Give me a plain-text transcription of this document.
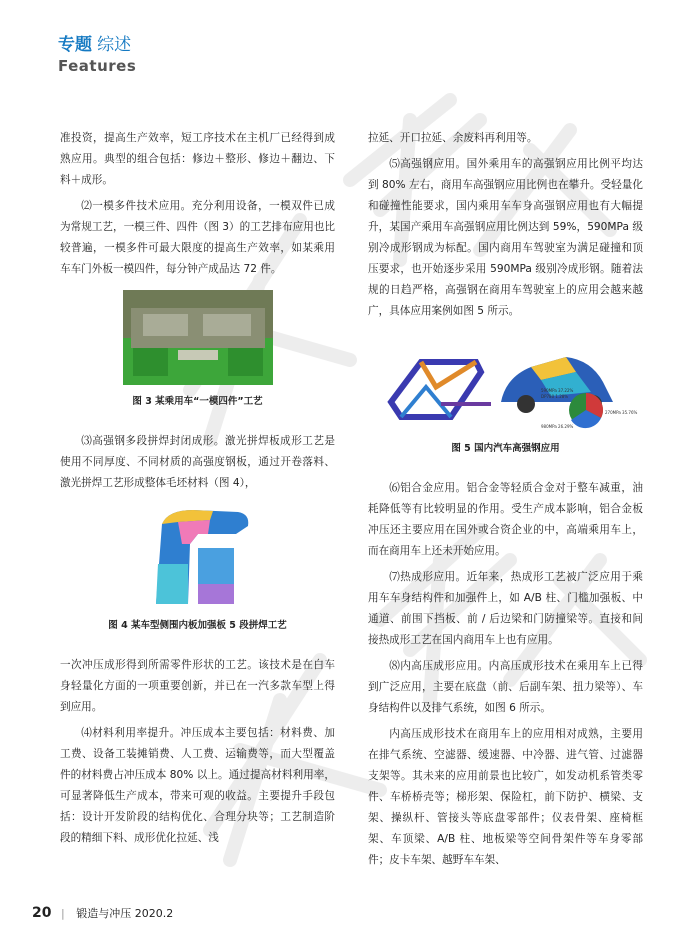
专题 综述
Features

准投资，提高生产效率，短工序技术在主机厂已经得到成熟应用。典型的组合包括：修边＋整形、修边＋翻边、下料＋成形。

⑵一模多件技术应用。充分利用设备，一模双件已成为常规工艺，一模三件、四件（图 3）的工艺排布应用也比较普遍，一模多件可最大限度的提高生产效率，如某乘用车车门外板一模四件，每分钟产成品达 72 件。

图 3 某乘用车“一模四件”工艺

⑶高强钢多段拼焊封闭成形。激光拼焊板成形工艺是使用不同厚度、不同材质的高强度钢板，通过开卷落料、激光拼焊工艺形成整体毛坯材料（图 4），

图 4 某车型侧围内板加强板 5 段拼焊工艺

一次冲压成形得到所需零件形状的工艺。该技术是在白车身轻量化方面的一项重要创新，并已在一汽多款车型上得到应用。

⑷材料利用率提升。冲压成本主要包括：材料费、加工费、设备工装摊销费、人工费、运输费等，而大型覆盖件的材料费占冲压成本 80% 以上。通过提高材料利用率，可显著降低生产成本，带来可观的收益。主要提升手段包括：设计开发阶段的结构优化、合理分块等；工艺制造阶段的精细下料、成形优化拉延、浅

拉延、开口拉延、余废料再利用等。

⑸高强钢应用。国外乘用车的高强钢应用比例平均达到 80% 左右，商用车高强钢应用比例也在攀升。受轻量化和碰撞性能要求，国内乘用车车身高强钢应用也有大幅提升，某国产乘用车高强钢应用比例达到 59%，590MPa 级别冷成形钢成为标配。国内商用车驾驶室为满足碰撞和顶压要求，也开始逐步采用 590MPa 级别冷成形钢。随着法规的日趋严格，高强钢在商用车驾驶室上的应用会越来越广，具体应用案例如图 5 所示。

590MPa 37.22%
DP780 1.28%
270MPa 35.76%
980MPa 26.29%
图 5 国内汽车高强钢应用

⑹铝合金应用。铝合金等轻质合金对于整车减重，油耗降低等有比较明显的作用。受生产成本影响，铝合金板冲压还主要应用在国外或合资企业的中，高端乘用车上，而在商用车上还未开始应用。

⑺热成形应用。近年来，热成形工艺被广泛应用于乘用车车身结构件和加强件上，如 A/B 柱、门槛加强板、中通道、前围下挡板、前 / 后边梁和门防撞梁等。直接和间接热成形工艺在国内商用车上也有应用。

⑻内高压成形应用。内高压成形技术在乘用车上已得到广泛应用，主要在底盘（前、后副车架、扭力梁等）、车身结构件以及排气系统，如图 6 所示。

内高压成形技术在商用车上的应用相对成熟，主要用在排气系统、空滤器、缓速器、中冷器、进气管、过滤器支架等。其未来的应用前景也比较广，如发动机系管类零件、车桥桥壳等；梯形架、保险杠，前下防护、横梁、支架、操纵杆、管接头等底盘零部件；仪表骨架、座椅框架、车顶梁、A/B 柱、地板梁等空间骨架件等车身零部件；皮卡车架、越野车车架、

20 | 锻造与冲压 2020.2
